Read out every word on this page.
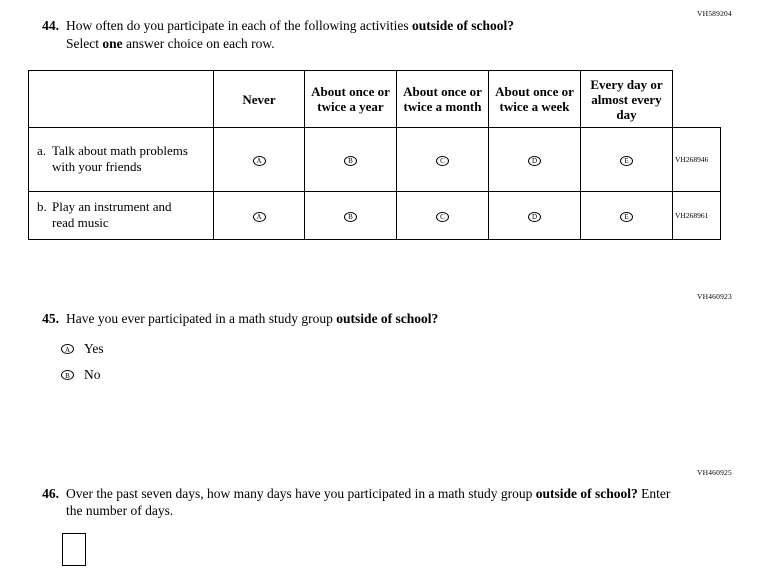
VH589204
44. How often do you participate in each of the following activities outside of school?
Select one answer choice on each row.
	Never	About once or twice a year	About once or twice a month	About once or twice a week	Every day or almost every day	
a. Talk about math problems with your friends	A	B	C	D	E	VH268946
b. Play an instrument and read music	A	B	C	D	E	VH268961
VH460923
45. Have you ever participated in a math study group outside of school?
A Yes
B	No
VH460925
46. Over the past seven days, how many days have you participated in a math study group outside of school? Enter the number of days.
